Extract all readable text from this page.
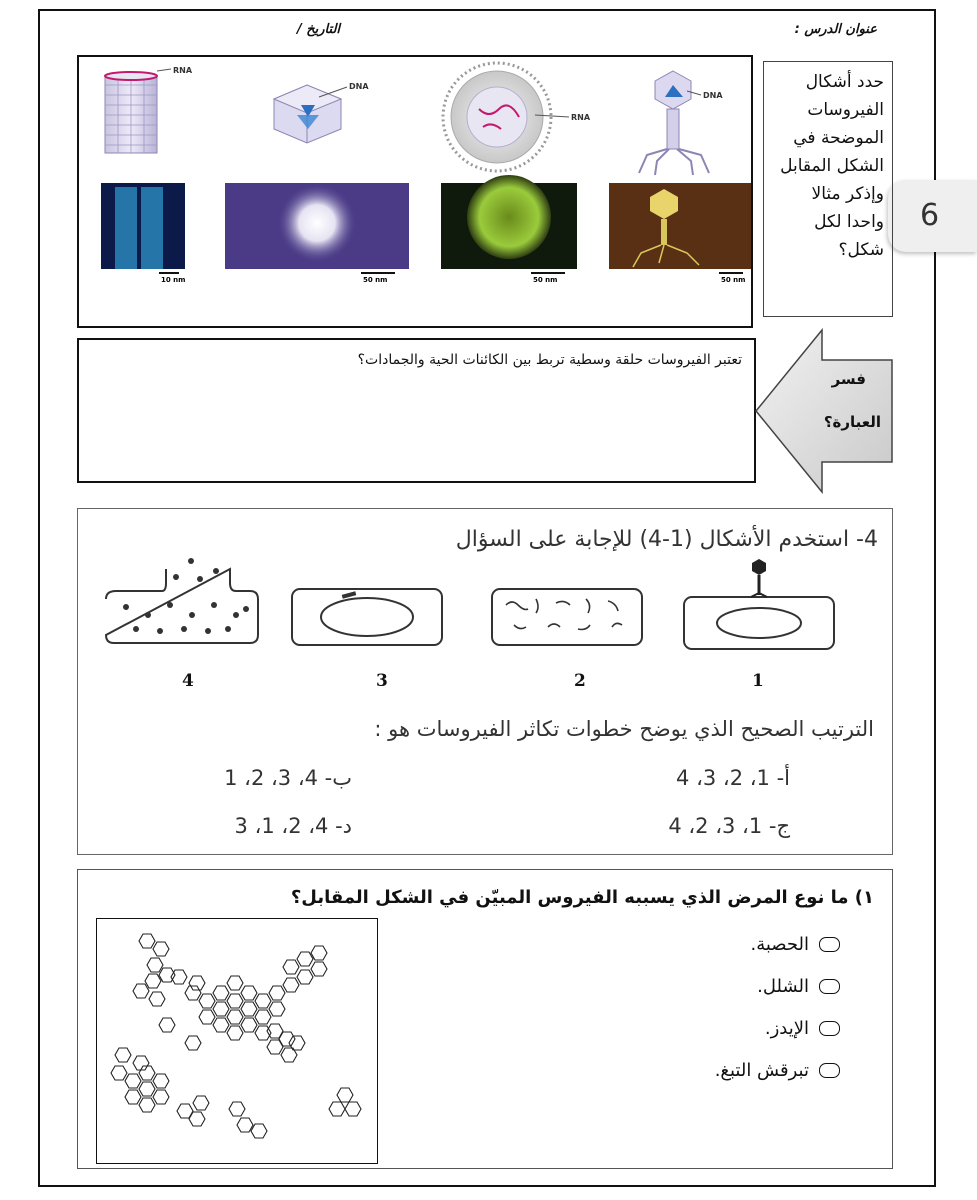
عنوان الدرس :
التاريخ /
6
RNA
DNA
RNA
DNA
10 nm	50 nm	50 nm	50 nm
حدد أشكال الفيروسات الموضحة في الشكل المقابل وإذكر مثالا واحدا لكل شكل؟
تعتبر الفيروسات حلقة وسطية تربط بين الكائنات الحية والجمادات؟
فسر
العبارة؟
4- استخدم الأشكال (1-4) للإجابة على السؤال
4	3	2	1
الترتيب الصحيح الذي يوضح خطوات تكاثر الفيروسات هو :
أ- 1، 2، 3، 4
ب- 4، 3، 2، 1
ج- 1، 3، 2، 4
د- 4، 2، 1، 3
١) ما نوع المرض الذي يسببه الفيروس المبيّن في الشكل المقابل؟
الحصبة.
الشلل.
الإيدز.
تبرقش التبغ.
